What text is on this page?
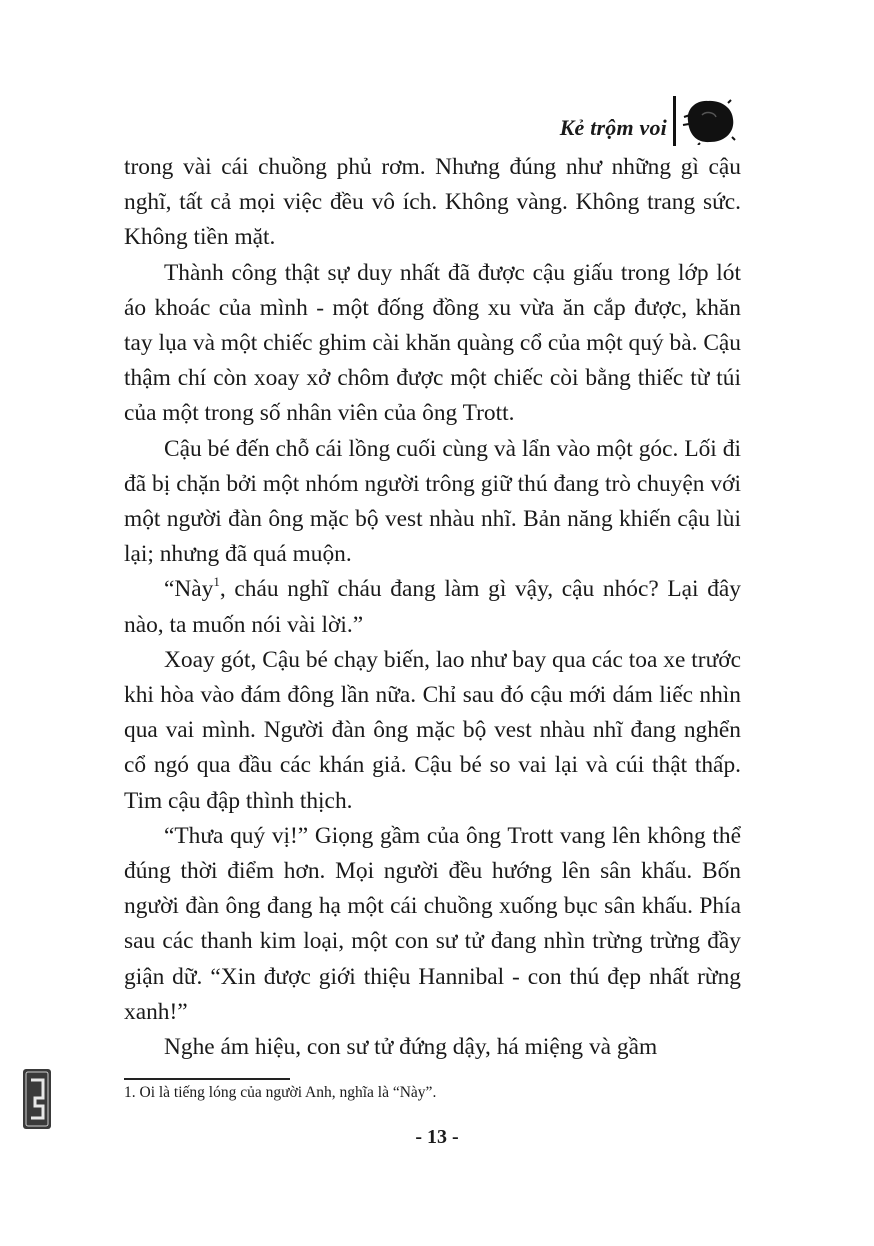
Kẻ trộm voi

trong vài cái chuồng phủ rơm. Nhưng đúng như những gì cậu nghĩ, tất cả mọi việc đều vô ích. Không vàng. Không trang sức. Không tiền mặt.

Thành công thật sự duy nhất đã được cậu giấu trong lớp lót áo khoác của mình - một đống đồng xu vừa ăn cắp được, khăn tay lụa và một chiếc ghim cài khăn quàng cổ của một quý bà. Cậu thậm chí còn xoay xở chôm được một chiếc còi bằng thiếc từ túi của một trong số nhân viên của ông Trott.

Cậu bé đến chỗ cái lồng cuối cùng và lẩn vào một góc. Lối đi đã bị chặn bởi một nhóm người trông giữ thú đang trò chuyện với một người đàn ông mặc bộ vest nhàu nhĩ. Bản năng khiến cậu lùi lại; nhưng đã quá muộn.

“Này$^1$, cháu nghĩ cháu đang làm gì vậy, cậu nhóc? Lại đây nào, ta muốn nói vài lời.”

Xoay gót, Cậu bé chạy biến, lao như bay qua các toa xe trước khi hòa vào đám đông lần nữa. Chỉ sau đó cậu mới dám liếc nhìn qua vai mình. Người đàn ông mặc bộ vest nhàu nhĩ đang nghển cổ ngó qua đầu các khán giả. Cậu bé so vai lại và cúi thật thấp. Tim cậu đập thình thịch.

“Thưa quý vị!” Giọng gầm của ông Trott vang lên không thể đúng thời điểm hơn. Mọi người đều hướng lên sân khấu. Bốn người đàn ông đang hạ một cái chuồng xuống bục sân khấu. Phía sau các thanh kim loại, một con sư tử đang nhìn trừng trừng đầy giận dữ. “Xin được giới thiệu Hannibal - con thú đẹp nhất rừng xanh!”

Nghe ám hiệu, con sư tử đứng dậy, há miệng và gầm

1. Oi là tiếng lóng của người Anh, nghĩa là “Này”.
- 13 -
